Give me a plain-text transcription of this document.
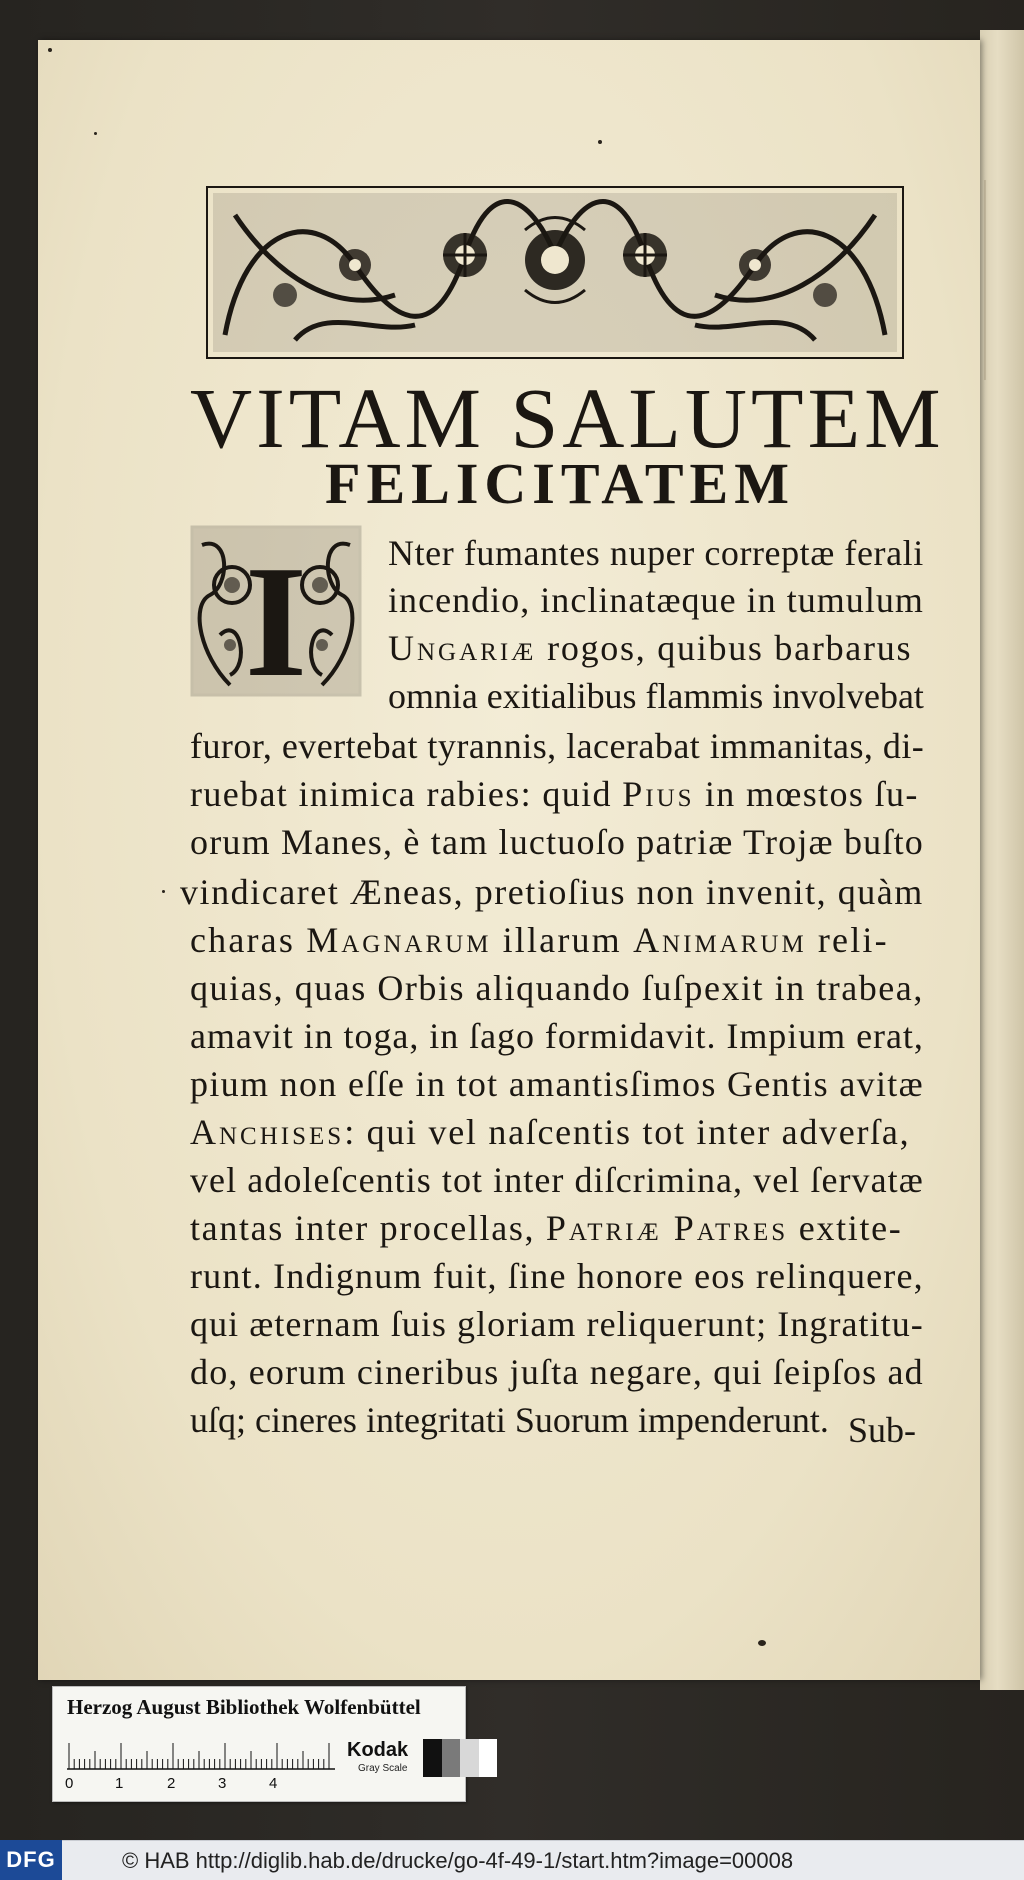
VITAM SALUTEM
FELICITATEM
I Nter fumantes nuper correptæ ferali
incendio, inclinatæque in tumulum
Ungariæ rogos, quibus barbarus
omnia exitialibus flammis involvebat
furor, evertebat tyrannis, lacerabat immanitas, di-
ruebat inimica rabies: quid Pius in mœstos ſu-
orum Manes, è tam luctuoſo patriæ Trojæ buſto
vindicaret Æneas, pretioſius non invenit, quàm
charas Magnarum illarum Animarum reli-
quias, quas Orbis aliquando ſuſpexit in trabea,
amavit in toga, in ſago formidavit. Impium erat,
pium non eſſe in tot amantisſimos Gentis avitæ
Anchises: qui vel naſcentis tot inter adverſa,
vel adoleſcentis tot inter diſcrimina, vel ſervatæ
tantas inter procellas, Patriæ Patres extite-
runt. Indignum fuit, ſine honore eos relinquere,
qui æternam ſuis gloriam reliquerunt; Ingratitu-
do, eorum cineribus juſta negare, qui ſeipſos ad
uſq; cineres integritati Suorum impenderunt. Sub-
Herzog August Bibliothek Wolfenbüttel
Kodak
Gray Scale
0	1	2	3	4
DFG	© HAB http://diglib.hab.de/drucke/go-4f-49-1/start.htm?image=00008
